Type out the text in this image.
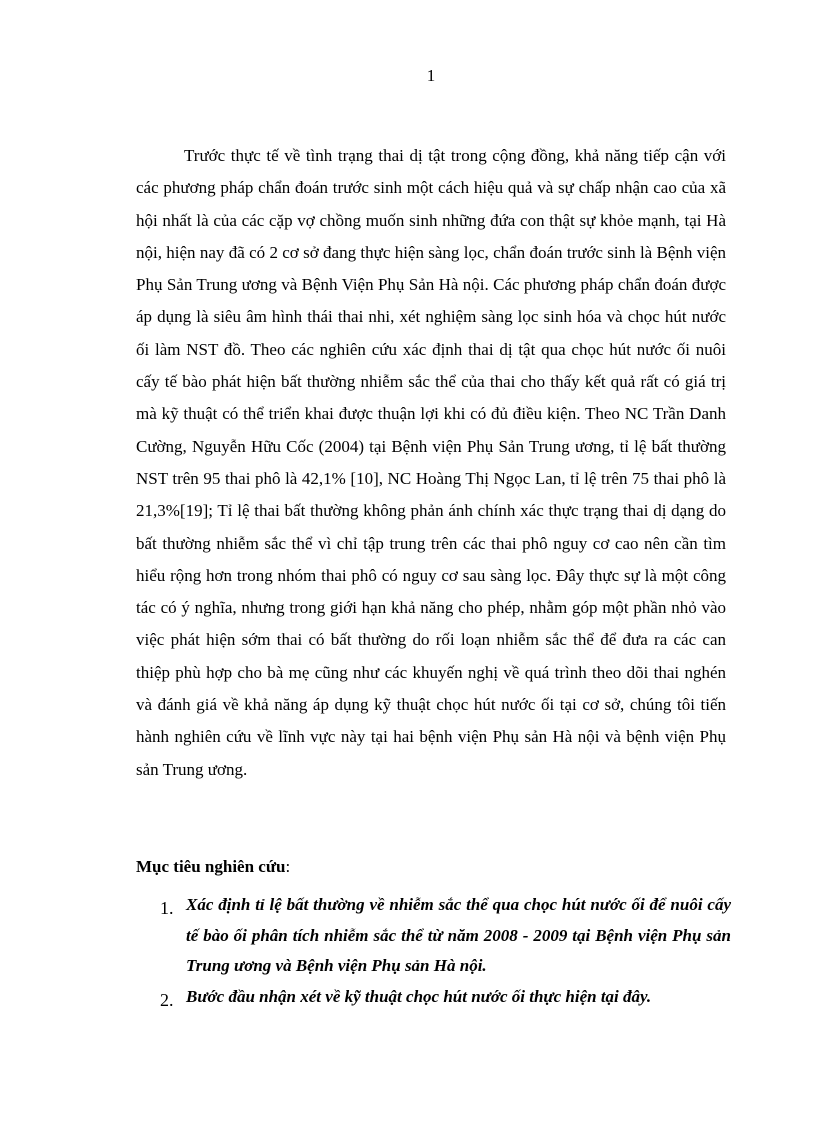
1

Trước thực tế về tình trạng thai dị tật trong cộng đồng, khả năng tiếp cận với các phương pháp chẩn đoán trước sinh một cách hiệu quả và sự chấp nhận cao của xã hội nhất là của các cặp vợ chồng muốn sinh những đứa con thật sự khỏe mạnh, tại Hà nội, hiện nay đã có 2 cơ sở đang thực hiện sàng lọc, chẩn đoán trước sinh là Bệnh viện Phụ Sản Trung ương và Bệnh Viện Phụ Sản Hà nội. Các phương pháp chẩn đoán được áp dụng là siêu âm hình thái thai nhi, xét nghiệm sàng lọc sinh hóa và chọc hút nước ối làm NST đồ. Theo các nghiên cứu xác định thai dị tật qua chọc hút nước ối nuôi cấy tế bào phát hiện bất thường nhiễm sắc thể của thai cho thấy kết quả rất có giá trị mà kỹ thuật có thể triển khai được thuận lợi khi có đủ điều kiện. Theo NC Trần Danh Cường, Nguyễn Hữu Cốc (2004) tại Bệnh viện Phụ Sản Trung ương, tỉ lệ bất thường NST trên 95 thai phô là 42,1% [10], NC Hoàng Thị Ngọc Lan, tỉ lệ trên 75 thai phô là 21,3%[19]; Tỉ lệ thai bất thường không phản ánh chính xác thực trạng thai dị dạng do bất thường nhiễm sắc thể vì chỉ tập trung trên các thai phô nguy cơ cao nên cần tìm hiểu rộng hơn trong nhóm thai phô có nguy cơ sau sàng lọc. Đây thực sự là một công tác có ý nghĩa, nhưng trong giới hạn khả năng cho phép, nhằm góp một phần nhỏ vào việc phát hiện sớm thai có bất thường do rối loạn nhiễm sắc thể để đưa ra các can thiệp phù hợp cho bà mẹ cũng như các khuyến nghị về quá trình theo dõi thai nghén và đánh giá về khả năng áp dụng kỹ thuật chọc hút nước ối tại cơ sở, chúng tôi tiến hành nghiên cứu về lĩnh vực này tại hai bệnh viện Phụ sản Hà nội và bệnh viện Phụ sản Trung ương.

Mục tiêu nghiên cứu:
1. Xác định tỉ lệ bất thường về nhiễm sắc thể qua chọc hút nước ối để nuôi cấy tế bào ối phân tích nhiễm sắc thể từ năm 2008 - 2009 tại Bệnh viện Phụ sản Trung ương và Bệnh viện Phụ sản Hà nội.
2. Bước đầu nhận xét về kỹ thuật chọc hút nước ối thực hiện tại đây.
